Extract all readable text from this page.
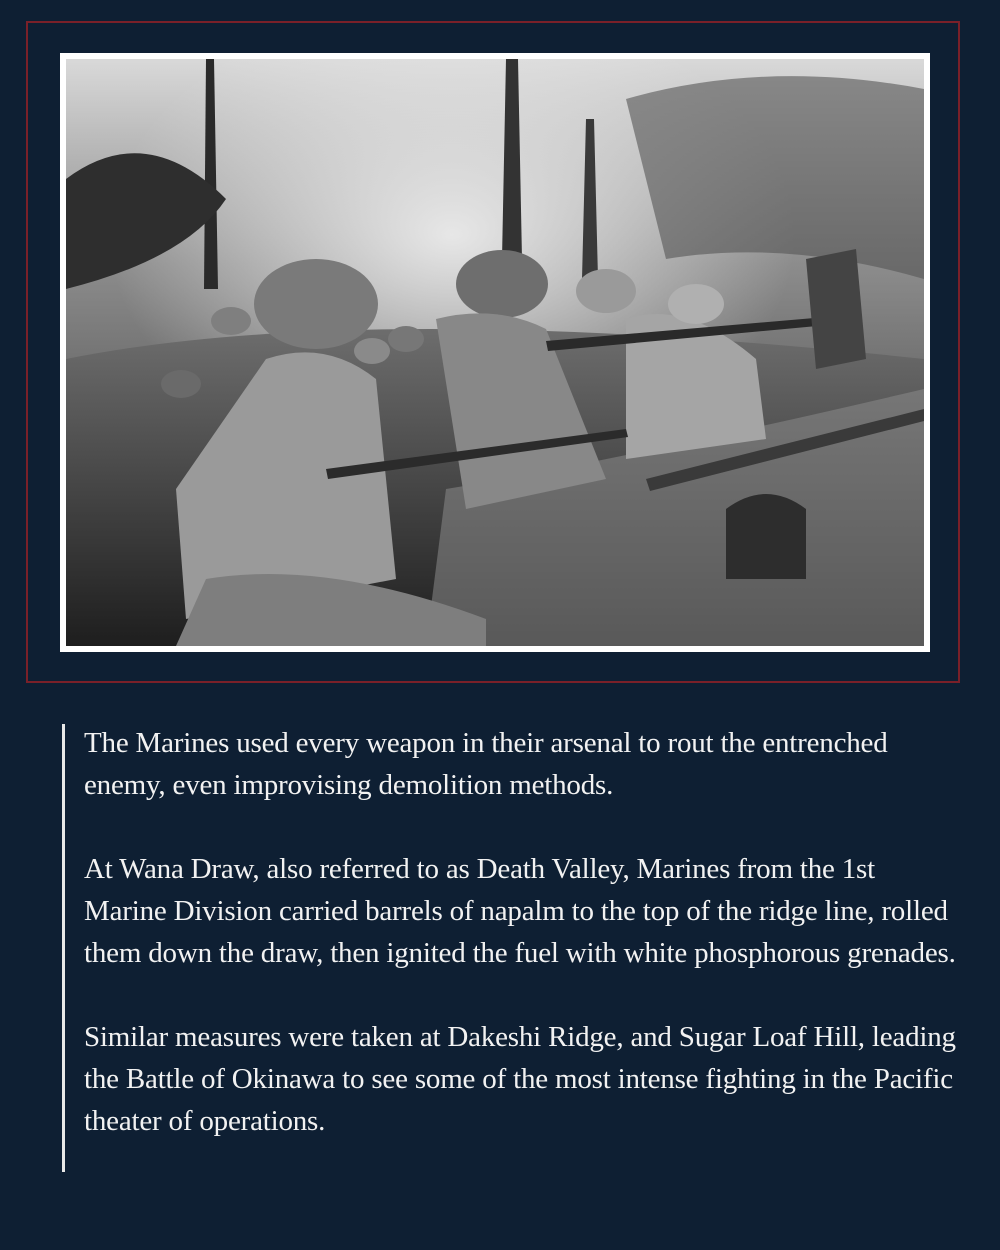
The Marines used every weapon in their arsenal to rout the entrenched enemy, even improvising demolition methods.

At Wana Draw, also referred to as Death Valley, Marines from the 1st Marine Division carried barrels of napalm to the top of the ridge line, rolled them down the draw, then ignited the fuel with white phosphorous grenades.

Similar measures were taken at Dakeshi Ridge, and Sugar Loaf Hill, leading the Battle of Okinawa to see some of the most intense fighting in the Pacific theater of operations.
